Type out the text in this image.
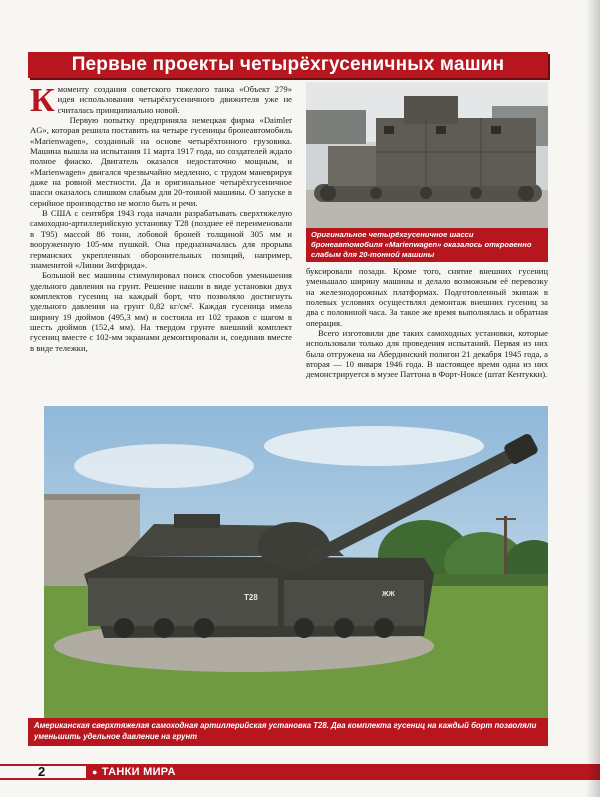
Первые проекты четырёхгусеничных машин

Кмоменту создания советского тяжелого танка «Объект 279» идея использования четырёхгусеничного движителя уже не считалась принципиально новой.

Первую попытку предприняла немецкая фирма «Daimler AG», которая решила поставить на четыре гусеницы бронеавтомобиль «Marienwagen», созданный на основе четырёхтонного грузовика. Машина вышла на испытания 11 марта 1917 года, но создателей ждало полное фиаско. Двигатель оказался недостаточно мощным, и «Marienwagen» двигался чрезвычайно медленно, с трудом маневрируя даже на ровной местности. Да и оригинальное четырёхгусеничное шасси оказалось слишком слабым для 20-тонной машины. О запуске в серийное производство не могло быть и речи.

В США с сентября 1943 года начали разрабатывать сверхтяжелую самоходно-артиллерийскую установку T28 (позднее её переименовали в T95) массой 86 тонн, лобовой броней толщиной 305 мм и вооруженную 105-мм пушкой. Она предназначалась для прорыва германских укрепленных оборонительных позиций, например, знаменитой «Линии Зигфрида».

Большой вес машины стимулировал поиск способов уменьшения удельного давления на грунт. Решение нашли в виде установки двух комплектов гусениц на каждый борт, что позволяло достигнуть удельного давления на грунт 0,82 кг/см². Каждая гусеница имела ширину 19 дюймов (495,3 мм) и состояла из 102 траков с шагом в шесть дюймов (152,4 мм). На твердом грунте внешний комплект гусениц вместе с 102-мм экранами демонтировали и, соединив вместе в виде тележки,

Оригинальное четырёхгусеничное шасси бронеавтомобиля «Marienwagen» оказалось откровенно слабым для 20-тонной машины

буксировали позади. Кроме того, снятие внешних гусениц уменьшало ширину машины и делало возможным её перевозку на железнодорожных платформах. Подготовленный экипаж в полевых условиях осуществлял демонтаж внешних гусениц за два с половиной часа. За такое же время выполнялась и обратная операция.

Всего изготовили две таких самоходных установки, которые использовали только для проведения испытаний. Первая из них была отгружена на Абердинский полигон 21 декабря 1945 года, а вторая — 10 января 1946 года. В настоящее время одна из них демонстрируется в музее Паттона в Форт-Ноксе (штат Кентукки).

T28	ЖЖ
Американская сверхтяжелая самоходная артиллерийская установка T28. Два комплекта гусениц на каждый борт позволяли уменьшить удельное давление на грунт
2	● ТАНКИ МИРА
